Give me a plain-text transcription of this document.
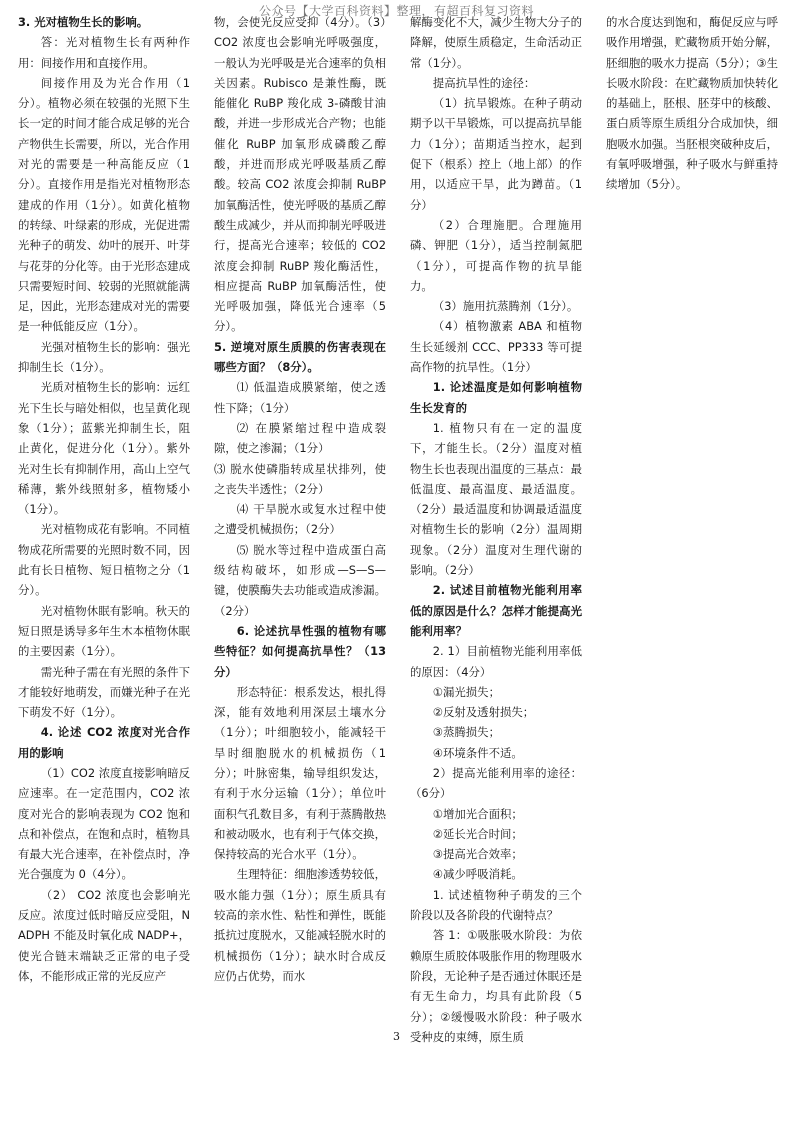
公众号【大学百科资料】整理，有超百科复习资料

3. 光对植物生长的影响。

答：光对植物生长有两种作用：间接作用和直接作用。

间接作用及为光合作用（1分）。植物必须在较强的光照下生长一定的时间才能合成足够的光合产物供生长需要，所以，光合作用对光的需要是一种高能反应（1分）。直接作用是指光对植物形态建成的作用（1分）。如黄化植物的转绿、叶绿素的形成，光促进需光种子的萌发、幼叶的展开、叶芽与花芽的分化等。由于光形态建成只需要短时间、较弱的光照就能满足，因此，光形态建成对光的需要是一种低能反应（1分）。

光强对植物生长的影响：强光抑制生长（1分）。

光质对植物生长的影响：远红光下生长与暗处相似，也呈黄化现象（1分）；蓝紫光抑制生长，阻止黄化，促进分化（1分）。紫外光对生长有抑制作用，高山上空气稀薄，紫外线照射多，植物矮小（1分）。

光对植物成花有影响。不同植物成花所需要的光照时数不同，因此有长日植物、短日植物之分（1分）。

光对植物休眠有影响。秋天的短日照是诱导多年生木本植物休眠的主要因素（1分）。

需光种子需在有光照的条件下才能较好地萌发，而嫌光种子在光下萌发不好（1分）。

4. 论述 CO2 浓度对光合作用的影响

（1）CO2 浓度直接影响暗反应速率。在一定范围内，CO2 浓度对光合的影响表现为 CO2 饱和点和补偿点，在饱和点时，植物具有最大光合速率，在补偿点时，净光合强度为 0（4分）。

（2） CO2 浓度也会影响光反应。浓度过低时暗反应受阻，NADPH 不能及时氧化成 NADP+，使光合链末端缺乏正常的电子受体，不能形成正常的光反应产

物，会使光反应受抑（4分）。（3）CO2 浓度也会影响光呼吸强度，一般认为光呼吸是光合速率的负相关因素。Rubisco 是兼性酶，既能催化 RuBP 羧化成 3-磷酸甘油酸，并进一步形成光合产物；也能催化 RuBP 加氧形成磷酸乙醇酸，并进而形成光呼吸基质乙醇酸。较高 CO2 浓度会抑制 RuBP 加氧酶活性，使光呼吸的基质乙醇酸生成减少，并从而抑制光呼吸进行，提高光合速率；较低的 CO2 浓度会抑制 RuBP 羧化酶活性，相应提高 RuBP 加氧酶活性，使光呼吸加强，降低光合速率（5分）。

5. 逆境对原生质膜的伤害表现在哪些方面？（8分）。

⑴ 低温造成膜紧缩，使之透性下降；（1分）

⑵ 在膜紧缩过程中造成裂隙，使之渗漏；（1分）

⑶ 脱水使磷脂转成星状排列，使之丧失半透性；（2分）

⑷ 干旱脱水或复水过程中使之遭受机械损伤；（2分）

⑸ 脱水等过程中造成蛋白高级结构破坏，如形成—S—S—键，使膜酶失去功能或造成渗漏。（2分）

6. 论述抗旱性强的植物有哪些特征？如何提高抗旱性？（13分）

形态特征：根系发达，根扎得深，能有效地利用深层土壤水分（1分）；叶细胞较小，能减轻干旱时细胞脱水的机械损伤（1分）；叶脉密集，输导组织发达，有利于水分运输（1分）；单位叶面积气孔数目多，有利于蒸腾散热和被动吸水，也有利于气体交换，保持较高的光合水平（1分）。

生理特征：细胞渗透势较低，吸水能力强（1分）；原生质具有较高的亲水性、粘性和弹性，既能抵抗过度脱水，又能减轻脱水时的机械损伤（1分）；缺水时合成反应仍占优势，而水

解酶变化不大，减少生物大分子的降解，使原生质稳定，生命活动正常（1分）。

提高抗旱性的途径：

（1）抗旱锻炼。在种子萌动期予以干旱锻炼，可以提高抗旱能力（1分）；苗期适当控水，起到促下（根系）控上（地上部）的作用，以适应干旱，此为蹲苗。（1分）

（2）合理施肥。合理施用磷、钾肥（1分），适当控制氮肥（1分），可提高作物的抗旱能力。

（3）施用抗蒸腾剂（1分）。

（4）植物激素 ABA 和植物生长延缓剂 CCC、PP333 等可提高作物的抗旱性。（1分）

1. 论述温度是如何影响植物生长发育的

1. 植物只有在一定的温度下，才能生长。（2分）温度对植物生长也表现出温度的三基点：最低温度、最高温度、最适温度。（2分）最适温度和协调最适温度对植物生长的影响（2分）温周期现象。（2分）温度对生理代谢的影响。（2分）

2. 试述目前植物光能利用率低的原因是什么？怎样才能提高光能利用率？

2. 1）目前植物光能利用率低的原因：（4分）

①漏光损失；

②反射及透射损失；

③蒸腾损失；

④环境条件不适。

2）提高光能利用率的途径：（6分）

①增加光合面积；

②延长光合时间；

③提高光合效率；

④减少呼吸消耗。

1. 试述植物种子萌发的三个阶段以及各阶段的代谢特点？

答 1：①吸胀吸水阶段：为依赖原生质胶体吸胀作用的物理吸水阶段，无论种子是否通过休眠还是有无生命力，均具有此阶段（5分）；②缓慢吸水阶段：种子吸水受种皮的束缚，原生质

的水合度达到饱和，酶促反应与呼吸作用增强，贮藏物质开始分解，胚细胞的吸水力提高（5分）；③生长吸水阶段：在贮藏物质加快转化的基础上，胚根、胚芽中的核酸、蛋白质等原生质组分合成加快，细胞吸水加强。当胚根突破种皮后，有氧呼吸增强，种子吸水与鲜重持续增加（5分）。

3
